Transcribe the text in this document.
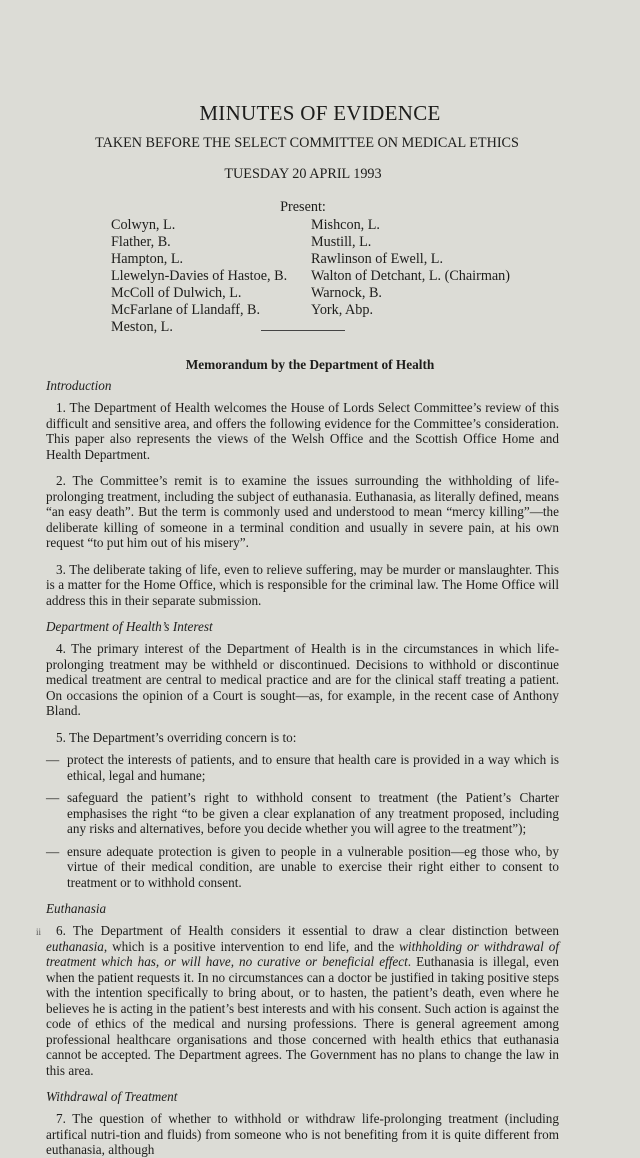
MINUTES OF EVIDENCE
TAKEN BEFORE THE SELECT COMMITTEE ON MEDICAL ETHICS
TUESDAY 20 APRIL 1993
Present:
Colwyn, L.
Flather, B.
Hampton, L.
Llewelyn-Davies of Hastoe, B.
McColl of Dulwich, L.
McFarlane of Llandaff, B.
Meston, L.
Mishcon, L.
Mustill, L.
Rawlinson of Ewell, L.
Walton of Detchant, L. (Chairman)
Warnock, B.
York, Abp.
Memorandum by the Department of Health

Introduction

1. The Department of Health welcomes the House of Lords Select Committee’s review of this difficult and sensitive area, and offers the following evidence for the Committee’s consideration. This paper also represents the views of the Welsh Office and the Scottish Office Home and Health Department.

2. The Committee’s remit is to examine the issues surrounding the withholding of life-prolonging treatment, including the subject of euthanasia. Euthanasia, as literally defined, means “an easy death”. But the term is commonly used and understood to mean “mercy killing”—the deliberate killing of someone in a terminal condition and usually in severe pain, at his own request “to put him out of his misery”.

3. The deliberate taking of life, even to relieve suffering, may be murder or manslaughter. This is a matter for the Home Office, which is responsible for the criminal law. The Home Office will address this in their separate submission.

Department of Health’s Interest

4. The primary interest of the Department of Health is in the circumstances in which life-prolonging treatment may be withheld or discontinued. Decisions to withhold or discontinue medical treatment are central to medical practice and are for the clinical staff treating a patient. On occasions the opinion of a Court is sought—as, for example, in the recent case of Anthony Bland.

5. The Department’s overriding concern is to:

— protect the interests of patients, and to ensure that health care is provided in a way which is ethical, legal and humane;

— safeguard the patient’s right to withhold consent to treatment (the Patient’s Charter emphasises the right “to be given a clear explanation of any treatment proposed, including any risks and alternatives, before you decide whether you will agree to the treatment”);

— ensure adequate protection is given to people in a vulnerable position—eg those who, by virtue of their medical condition, are unable to exercise their right either to consent to treatment or to withhold consent.

Euthanasia

6. The Department of Health considers it essential to draw a clear distinction between euthanasia, which is a positive intervention to end life, and the withholding or withdrawal of treatment which has, or will have, no curative or beneficial effect. Euthanasia is illegal, even when the patient requests it. In no circumstances can a doctor be justified in taking positive steps with the intention specifically to bring about, or to hasten, the patient’s death, even where he believes he is acting in the patient’s best interests and with his consent. Such action is against the code of ethics of the medical and nursing professions. There is general agreement among professional healthcare organisations and those concerned with health ethics that euthanasia cannot be accepted. The Department agrees. The Government has no plans to change the law in this area.

Withdrawal of Treatment

7. The question of whether to withhold or withdraw life-prolonging treatment (including artifical nutri-tion and fluids) from someone who is not benefiting from it is quite different from euthanasia, although

ii
